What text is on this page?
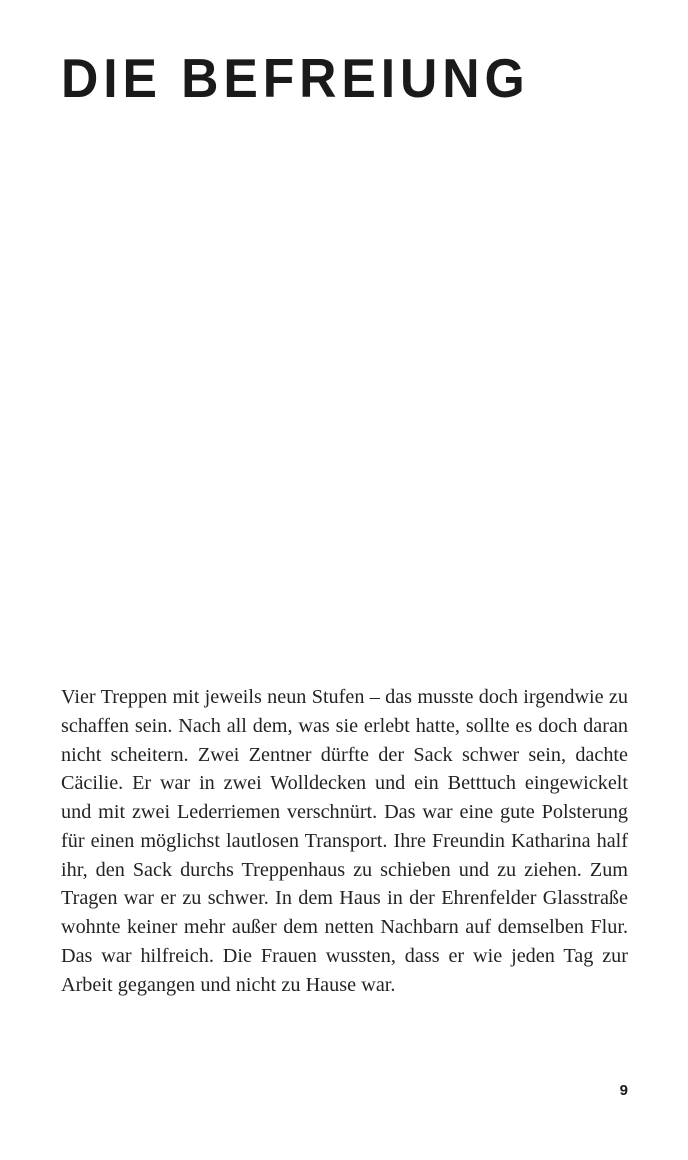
DIE BEFREIUNG

Vier Treppen mit jeweils neun Stufen – das musste doch irgendwie zu schaffen sein. Nach all dem, was sie erlebt hatte, sollte es doch daran nicht scheitern. Zwei Zentner dürfte der Sack schwer sein, dachte Cäcilie. Er war in zwei Wolldecken und ein Betttuch eingewickelt und mit zwei Lederriemen verschnürt. Das war eine gute Polsterung für einen möglichst lautlosen Transport. Ihre Freundin Katharina half ihr, den Sack durchs Treppenhaus zu schieben und zu ziehen. Zum Tragen war er zu schwer. In dem Haus in der Ehrenfelder Glasstraße wohnte keiner mehr außer dem netten Nachbarn auf demselben Flur. Das war hilfreich. Die Frauen wussten, dass er wie jeden Tag zur Arbeit gegangen und nicht zu Hause war.

9
